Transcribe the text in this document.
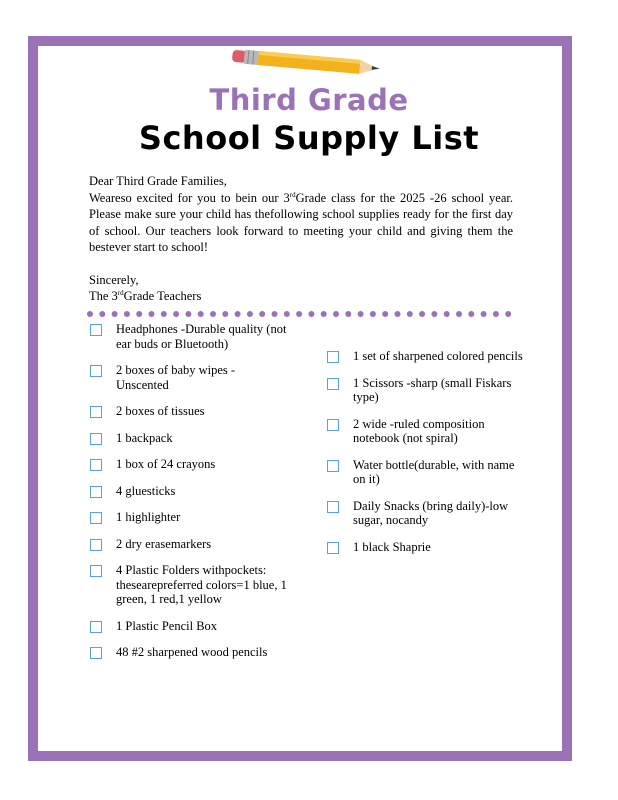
Third Grade
School Supply List

Dear Third Grade Families,

Weareso excited for you to bein our 3rdGrade class for the 2025 -26 school year. Please make sure your child has thefollowing school supplies ready for the first day of school. Our teachers look forward to meeting your child and giving them the bestever start to school!

Sincerely,

The 3rdGrade Teachers

Headphones -Durable quality (not ear buds or Bluetooth)
2 boxes of baby wipes - Unscented
2 boxes of tissues
1 backpack
1 box of 24 crayons
4 gluesticks
1 highlighter
2 dry erasemarkers
4 Plastic Folders withpockets: thesearepreferred colors=1 blue, 1 green, 1 red,1 yellow
1 Plastic Pencil Box
48 #2 sharpened wood pencils
1 set of sharpened colored pencils
1 Scissors -sharp (small Fiskars type)
2 wide -ruled composition notebook (not spiral)
Water bottle(durable, with name on it)
Daily Snacks (bring daily)-low sugar, nocandy
1 black Shaprie
